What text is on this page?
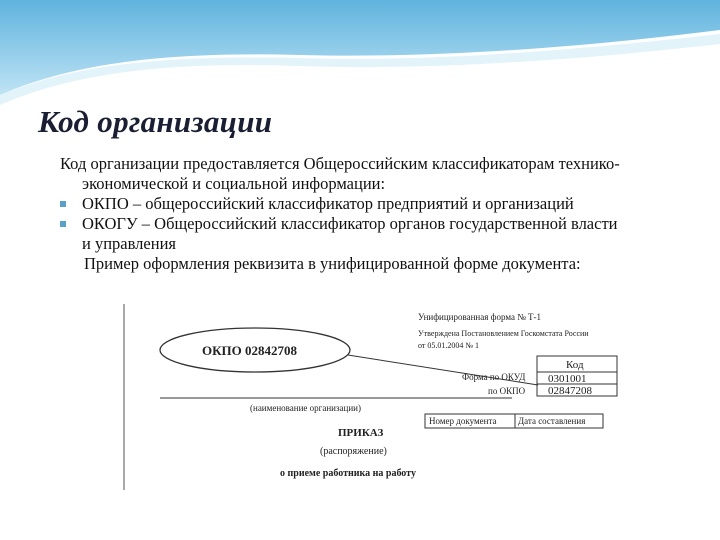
Код организации

Код организации предоставляется Общероссийским классификаторам технико-

экономической и социальной информации:

ОКПО – общероссийский классификатор предприятий и организаций
ОКОГУ – Общероссийский классификатор органов государственной власти
и управления

Пример оформления реквизита в унифицированной форме документа:

Унифицированная форма № Т-1
Утверждена Постановлением Госкомстата России
от 05.01.2004 № 1
ОКПО 02842708
Код
0301001
02847208
Форма по ОКУД
по ОКПО
(наименование организации)
Номер документа Дата составления
ПРИКАЗ
(распоряжение)
о приеме работника на работу
